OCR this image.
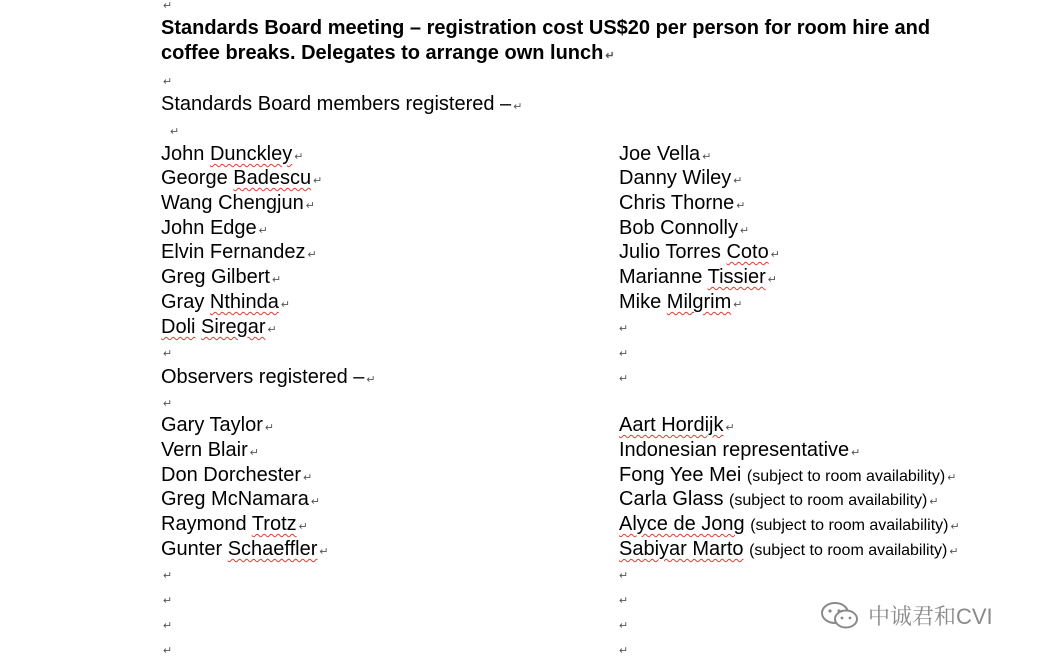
↵
Standards Board meeting – registration cost US$20 per person for room hire and
coffee breaks. Delegates to arrange own lunch ↵
↵
Standards Board members registered – ↵
↵
John Dunckley ↵
George Badescu ↵
Wang Chengjun ↵
John Edge ↵
Elvin Fernandez ↵
Greg Gilbert ↵
Gray Nthinda ↵
Doli Siregar ↵
Joe Vella ↵
Danny Wiley ↵
Chris Thorne ↵
Bob Connolly ↵
Julio Torres Coto ↵
Marianne Tissier ↵
Mike Milgrim ↵
↵
↵
↵
Observers registered – ↵
↵
↵
Gary Taylor ↵
Vern Blair ↵
Don Dorchester ↵
Greg McNamara ↵
Raymond Trotz ↵
Gunter Schaeffler ↵
Aart Hordijk ↵
Indonesian representative ↵
Fong Yee Mei (subject to room availability) ↵
Carla Glass (subject to room availability) ↵
Alyce de Jong (subject to room availability) ↵
Sabiyar Marto (subject to room availability) ↵
↵
↵
↵
↵
↵
↵
↵
↵
中诚君和CVI
